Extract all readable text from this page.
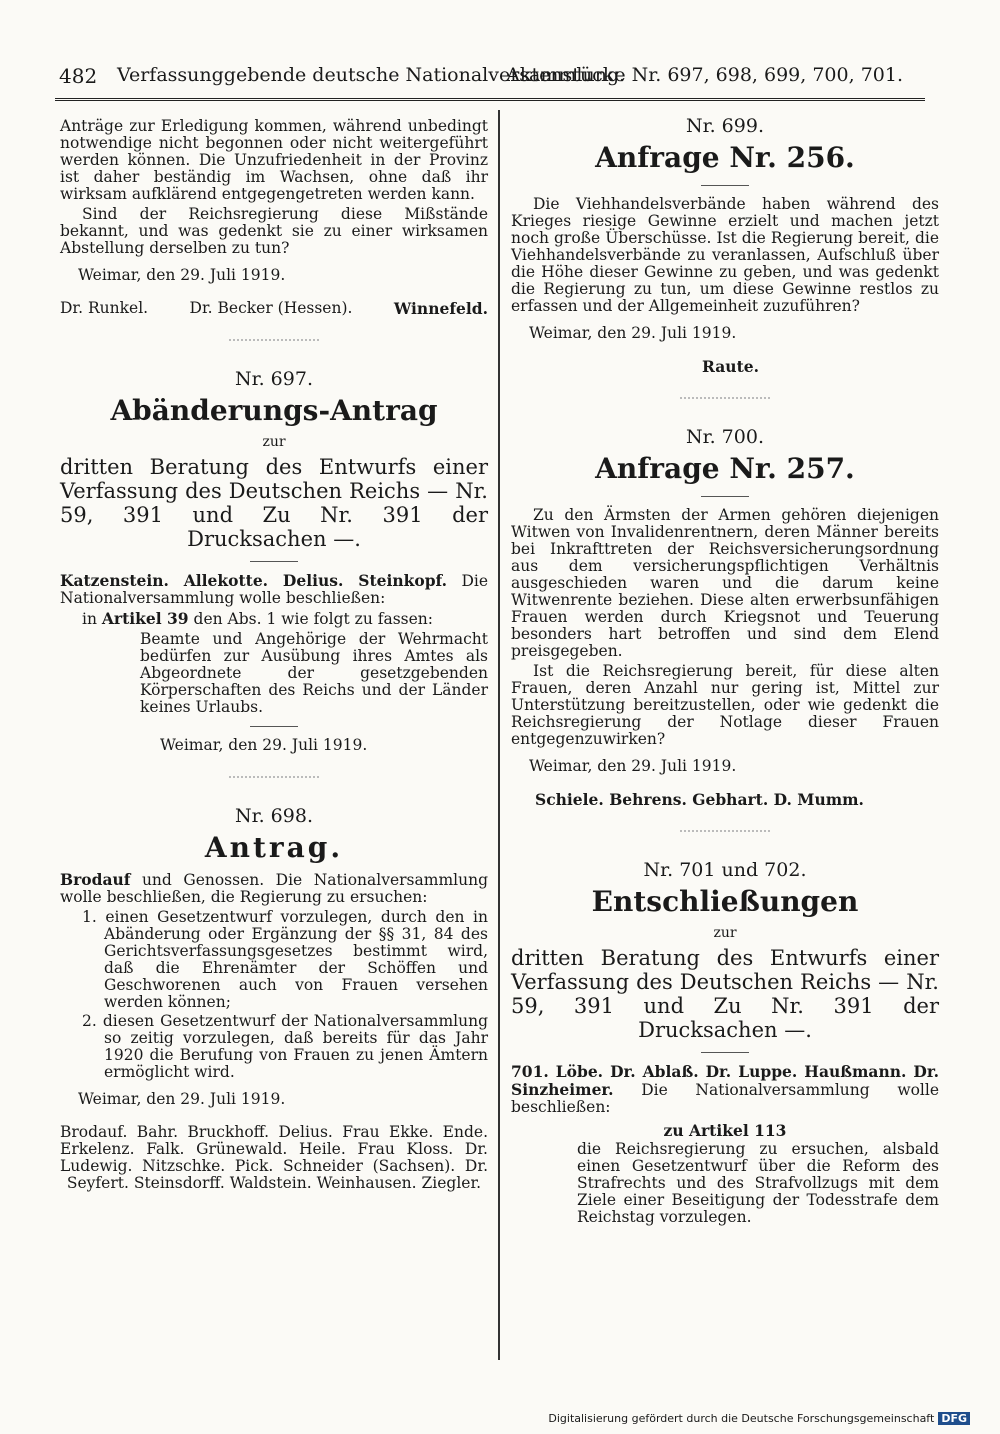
482 Verfassunggebende deutsche Nationalversammlung.
Aktenstücke Nr. 697, 698, 699, 700, 701.

Anträge zur Erledigung kommen, während unbedingt notwendige nicht begonnen oder nicht weitergeführt werden können. Die Unzufriedenheit in der Provinz ist daher beständig im Wachsen, ohne daß ihr wirksam aufklärend entgegengetreten werden kann.

Sind der Reichsregierung diese Mißstände bekannt, und was gedenkt sie zu einer wirksamen Abstellung derselben zu tun?

Weimar, den 29. Juli 1919.

Dr. Runkel.	Dr. Becker (Hessen).	Winnefeld.
Nr. 697.
Abänderungs-Antrag
zur
dritten Beratung des Entwurfs einer Verfassung des Deutschen Reichs — Nr. 59, 391 und Zu Nr. 391 der Drucksachen —.

Katzenstein. Allekotte. Delius. Steinkopf. Die Nationalversammlung wolle beschließen:

in Artikel 39 den Abs. 1 wie folgt zu fassen:

Beamte und Angehörige der Wehrmacht bedürfen zur Ausübung ihres Amtes als Abgeordnete der gesetzgebenden Körperschaften des Reichs und der Länder keines Urlaubs.

Weimar, den 29. Juli 1919.

Nr. 698.
Antrag.

Brodauf und Genossen. Die Nationalversammlung wolle beschließen, die Regierung zu ersuchen:

1. einen Gesetzentwurf vorzulegen, durch den in Abänderung oder Ergänzung der §§ 31, 84 des Gerichtsverfassungsgesetzes bestimmt wird, daß die Ehrenämter der Schöffen und Geschworenen auch von Frauen versehen werden können;

2. diesen Gesetzentwurf der Nationalversammlung so zeitig vorzulegen, daß bereits für das Jahr 1920 die Berufung von Frauen zu jenen Ämtern ermöglicht wird.

Weimar, den 29. Juli 1919.

Brodauf. Bahr. Bruckhoff. Delius. Frau Ekke. Ende. Erkelenz. Falk. Grünewald. Heile. Frau Kloss. Dr. Ludewig. Nitzschke. Pick. Schneider (Sachsen). Dr. Seyfert. Steinsdorff. Waldstein. Weinhausen. Ziegler.

Nr. 699.
Anfrage Nr. 256.

Die Viehhandelsverbände haben während des Krieges riesige Gewinne erzielt und machen jetzt noch große Überschüsse. Ist die Regierung bereit, die Viehhandelsverbände zu veranlassen, Aufschluß über die Höhe dieser Gewinne zu geben, und was gedenkt die Regierung zu tun, um diese Gewinne restlos zu erfassen und der Allgemeinheit zuzuführen?

Weimar, den 29. Juli 1919.

Raute.
Nr. 700.
Anfrage Nr. 257.

Zu den Ärmsten der Armen gehören diejenigen Witwen von Invalidenrentnern, deren Männer bereits bei Inkrafttreten der Reichsversicherungsordnung aus dem versicherungspflichtigen Verhältnis ausgeschieden waren und die darum keine Witwenrente beziehen. Diese alten erwerbsunfähigen Frauen werden durch Kriegsnot und Teuerung besonders hart betroffen und sind dem Elend preisgegeben.

Ist die Reichsregierung bereit, für diese alten Frauen, deren Anzahl nur gering ist, Mittel zur Unterstützung bereitzustellen, oder wie gedenkt die Reichsregierung der Notlage dieser Frauen entgegenzuwirken?

Weimar, den 29. Juli 1919.

Schiele. Behrens. Gebhart. D. Mumm.
Nr. 701 und 702.
Entschließungen
zur
dritten Beratung des Entwurfs einer Verfassung des Deutschen Reichs — Nr. 59, 391 und Zu Nr. 391 der Drucksachen —.

701. Löbe. Dr. Ablaß. Dr. Luppe. Haußmann. Dr. Sinzheimer. Die Nationalversammlung wolle beschließen:

zu Artikel 113

die Reichsregierung zu ersuchen, alsbald einen Gesetzentwurf über die Reform des Strafrechts und des Strafvollzugs mit dem Ziele einer Beseitigung der Todesstrafe dem Reichstag vorzulegen.

Digitalisierung gefördert durch die Deutsche Forschungsgemeinschaft DFG
